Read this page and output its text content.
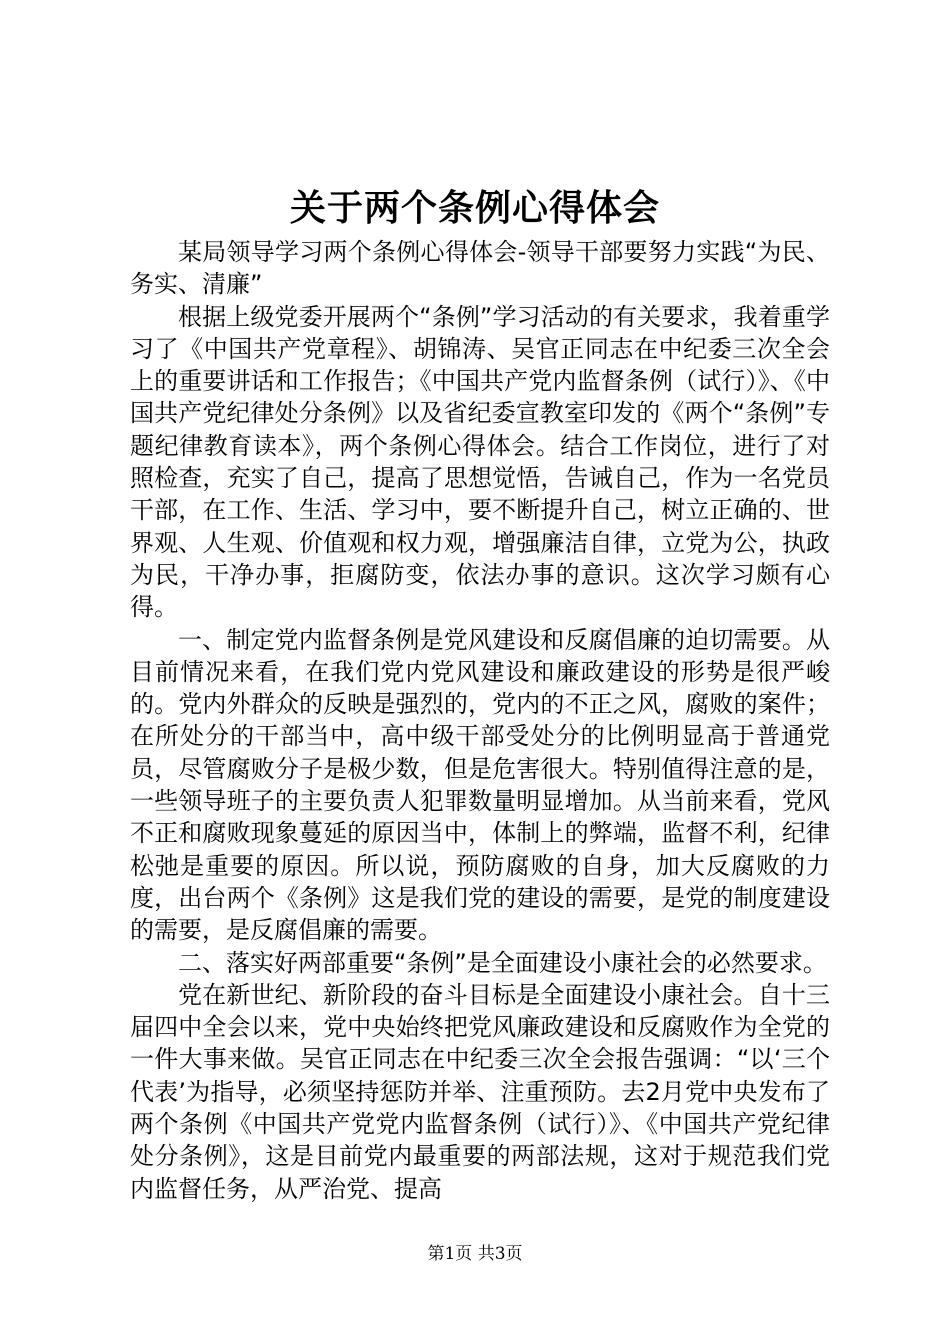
关于两个条例心得体会

某局领导学习两个条例心得体会-领导干部要努力实践“为民、务实、清廉”

根据上级党委开展两个“条例”学习活动的有关要求，我着重学习了《中国共产党章程》、胡锦涛、吴官正同志在中纪委三次全会上的重要讲话和工作报告；《中国共产党内监督条例（试行）》、《中国共产党纪律处分条例》以及省纪委宣教室印发的《两个“条例”专题纪律教育读本》，两个条例心得体会。结合工作岗位，进行了对照检查，充实了自己，提高了思想觉悟，告诫自己，作为一名党员干部，在工作、生活、学习中，要不断提升自己，树立正确的、世界观、人生观、价值观和权力观，增强廉洁自律，立党为公，执政为民，干净办事，拒腐防变，依法办事的意识。这次学习颇有心得。

一、制定党内监督条例是党风建设和反腐倡廉的迫切需要。从目前情况来看，在我们党内党风建设和廉政建设的形势是很严峻的。党内外群众的反映是强烈的，党内的不正之风，腐败的案件；在所处分的干部当中，高中级干部受处分的比例明显高于普通党员，尽管腐败分子是极少数，但是危害很大。特别值得注意的是，一些领导班子的主要负责人犯罪数量明显增加。从当前来看，党风不正和腐败现象蔓延的原因当中，体制上的弊端，监督不利，纪律松弛是重要的原因。所以说，预防腐败的自身，加大反腐败的力度，出台两个《条例》这是我们党的建设的需要，是党的制度建设的需要，是反腐倡廉的需要。

二、落实好两部重要“条例”是全面建设小康社会的必然要求。

党在新世纪、新阶段的奋斗目标是全面建设小康社会。自十三届四中全会以来，党中央始终把党风廉政建设和反腐败作为全党的一件大事来做。吴官正同志在中纪委三次全会报告强调：“以‘三个代表’为指导，必须坚持惩防并举、注重预防。去2月党中央发布了两个条例《中国共产党党内监督条例（试行）》、《中国共产党纪律处分条例》，这是目前党内最重要的两部法规，这对于规范我们党内监督任务，从严治党、提高

第1页 共3页
